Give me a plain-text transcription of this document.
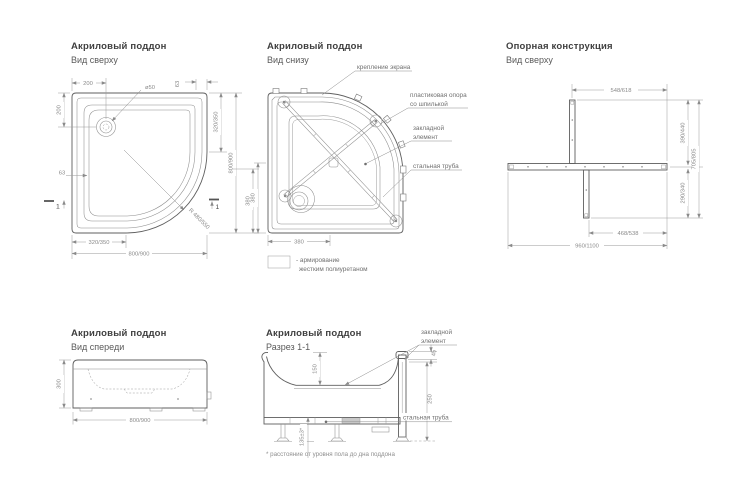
Акриловый поддон
Вид сверху
Акриловый поддон
Вид снизу
Опорная конструкция
Вид сверху
Акриловый поддон
Вид спереди
Акриловый поддон
Разрез 1-1
200
ø50
63
200
63
320/350
800/900
380
320/350
800/900
R 480/550
1	1
380
380
крепление экрана
пластиковая опора
со шпилькой
закладной
элемент
стальная труба
- армирование
жестким полиуретаном
548/618
390/440
290/340
705/805
468/538
960/1100
300
800/900
150
45
250
135±3*
закладной
элемент
стальная труба
* расстояние от уровня пола до дна поддона
